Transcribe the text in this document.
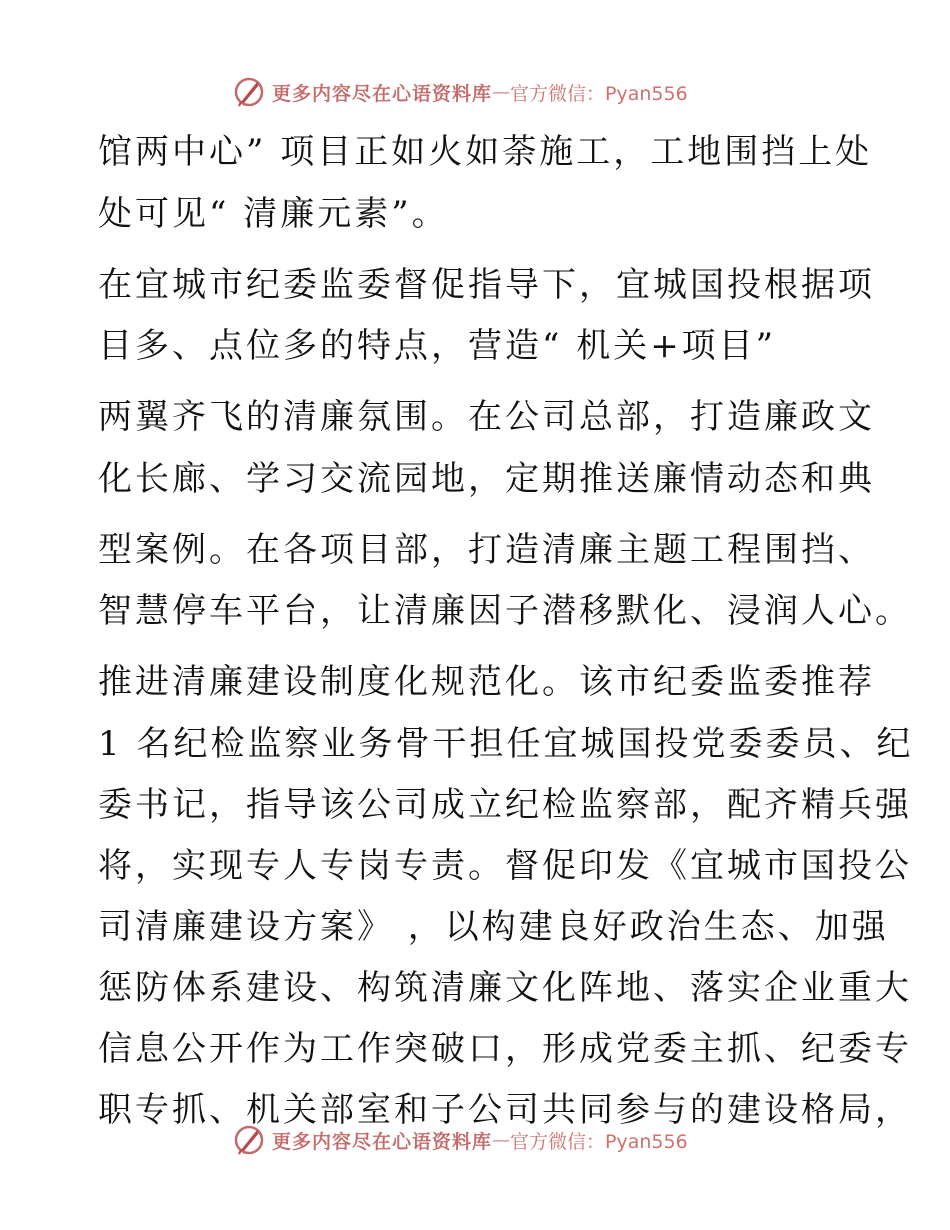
更多内容尽在心语资料库 — 官方微信：Pyan556
馆两中心” 项目正如火如荼施工，工地围挡上处
处可见“ 清廉元素”。
在宜城市纪委监委督促指导下，宜城国投根据项
目多、点位多的特点，营造“ 机关+项目”
两翼齐飞的清廉氛围。在公司总部，打造廉政文
化长廊、学习交流园地，定期推送廉情动态和典
型案例。在各项目部，打造清廉主题工程围挡、
智慧停车平台，让清廉因子潜移默化、浸润人心。
推进清廉建设制度化规范化。该市纪委监委推荐
1 名纪检监察业务骨干担任宜城国投党委委员、纪
委书记，指导该公司成立纪检监察部，配齐精兵强
将，实现专人专岗专责。督促印发《宜城市国投公
司清廉建设方案》 ，以构建良好政治生态、加强
惩防体系建设、构筑清廉文化阵地、落实企业重大
信息公开作为工作突破口，形成党委主抓、纪委专
职专抓、机关部室和子公司共同参与的建设格局，
更多内容尽在心语资料库 — 官方微信：Pyan556
